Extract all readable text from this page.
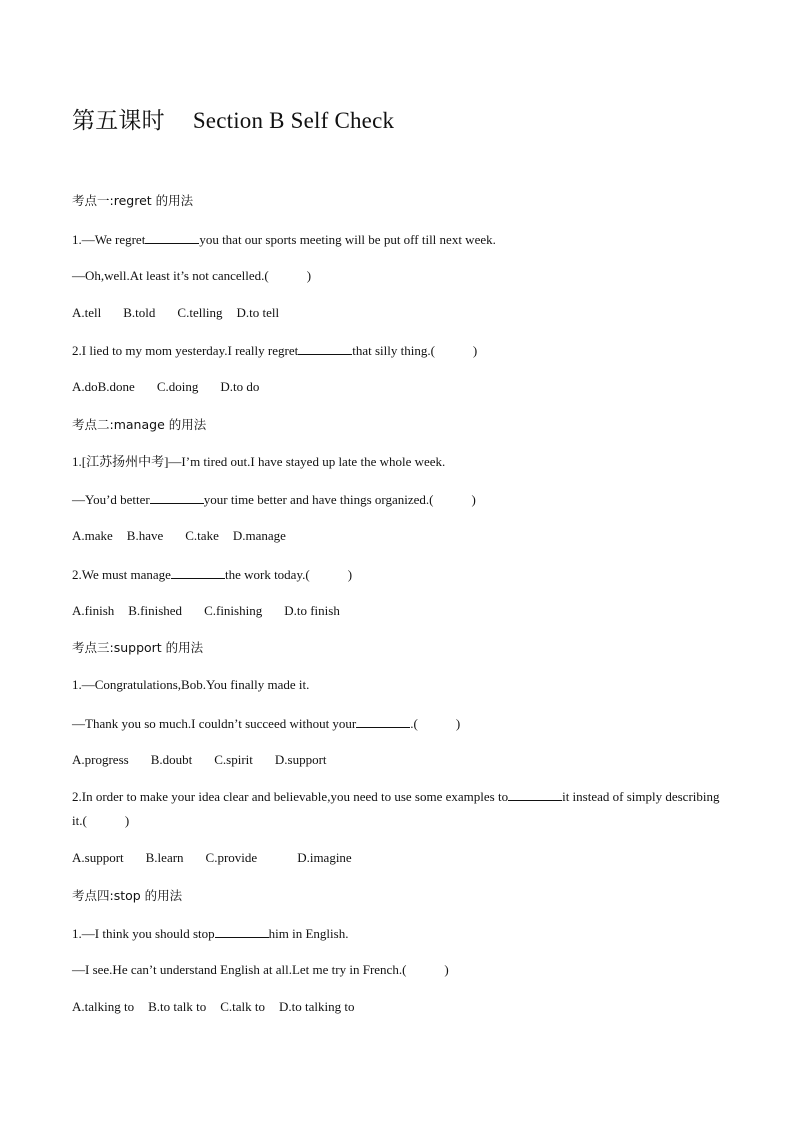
第五课时 Section B Self Check
考点一:regret 的用法
1.—We regret	you that our sports meeting will be put off till next week.
—Oh,well.At least it’s not cancelled.(	)
A.tell B.told C.telling D.to tell
2.I lied to my mom yesterday.I really regret	that silly thing.(	)
A.doB.done C.doing D.to do
考点二:manage 的用法
1.[江苏扬州中考]—I’m tired out.I have stayed up late the whole week.
—You’d better	your time better and have things organized.(	)
A.make B.have C.take D.manage
2.We must manage	the work today.(	)
A.finish B.finished C.finishing D.to finish
考点三:support 的用法
1.—Congratulations,Bob.You finally made it.
—Thank you so much.I couldn’t succeed without your	.(	)
A.progress B.doubt C.spirit D.support
2.In order to make your idea clear and believable,you need to use some examples to	it instead of simply describing it.(	)
A.support B.learn C.provide	D.imagine
考点四:stop 的用法
1.—I think you should stop	him in English.
—I see.He can’t understand English at all.Let me try in French.(	)
A.talking to B.to talk to C.talk to D.to talking to
